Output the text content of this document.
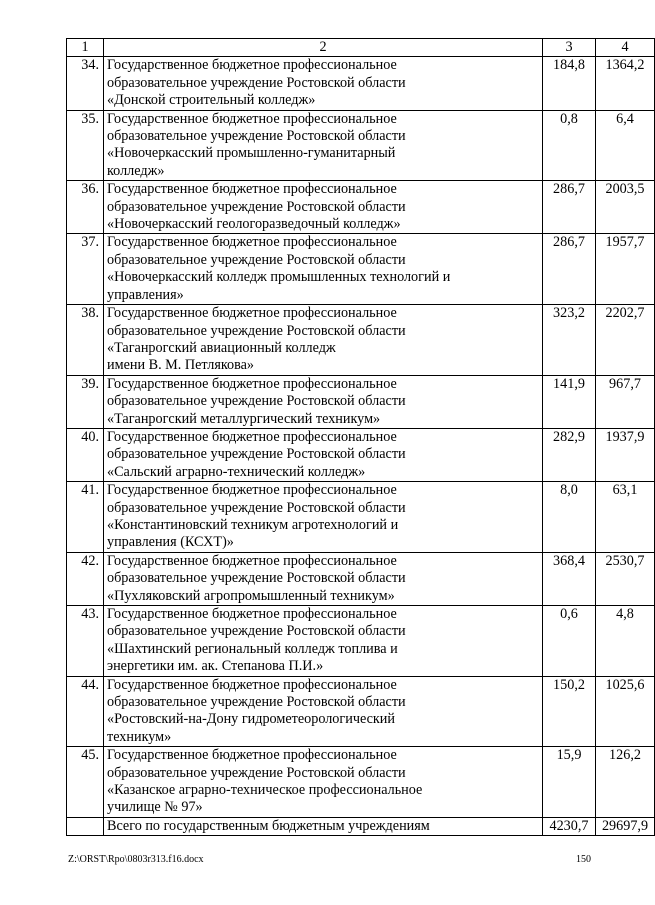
1	2	3	4
34.	Государственное бюджетное профессиональное
образовательное учреждение Ростовской области
«Донской строительный колледж»	184,8	1364,2
35.	Государственное бюджетное профессиональное
образовательное учреждение Ростовской области
«Новочеркасский промышленно-гуманитарный
колледж»	0,8	6,4
36.	Государственное бюджетное профессиональное
образовательное учреждение Ростовской области
«Новочеркасский геологоразведочный колледж»	286,7	2003,5
37.	Государственное бюджетное профессиональное
образовательное учреждение Ростовской области
«Новочеркасский колледж промышленных технологий и
управления»	286,7	1957,7
38.	Государственное бюджетное профессиональное
образовательное учреждение Ростовской области
«Таганрогский авиационный колледж
имени В. М. Петлякова»	323,2	2202,7
39.	Государственное бюджетное профессиональное
образовательное учреждение Ростовской области
«Таганрогский металлургический техникум»	141,9	967,7
40.	Государственное бюджетное профессиональное
образовательное учреждение Ростовской области
«Сальский аграрно-технический колледж»	282,9	1937,9
41.	Государственное бюджетное профессиональное
образовательное учреждение Ростовской области
«Константиновский техникум агротехнологий и
управления (КСХТ)»	8,0	63,1
42.	Государственное бюджетное профессиональное
образовательное учреждение Ростовской области
«Пухляковский агропромышленный техникум»	368,4	2530,7
43.	Государственное бюджетное профессиональное
образовательное учреждение Ростовской области
«Шахтинский региональный колледж топлива и
энергетики им. ак. Степанова П.И.»	0,6	4,8
44.	Государственное бюджетное профессиональное
образовательное учреждение Ростовской области
«Ростовский-на-Дону гидрометеорологический
техникум»	150,2	1025,6
45.	Государственное бюджетное профессиональное
образовательное учреждение Ростовской области
«Казанское аграрно-техническое профессиональное
училище № 97»	15,9	126,2
	Всего по государственным бюджетным учреждениям	4230,7	29697,9
Z:\ORST\Rpo\0803r313.f16.docx	150
